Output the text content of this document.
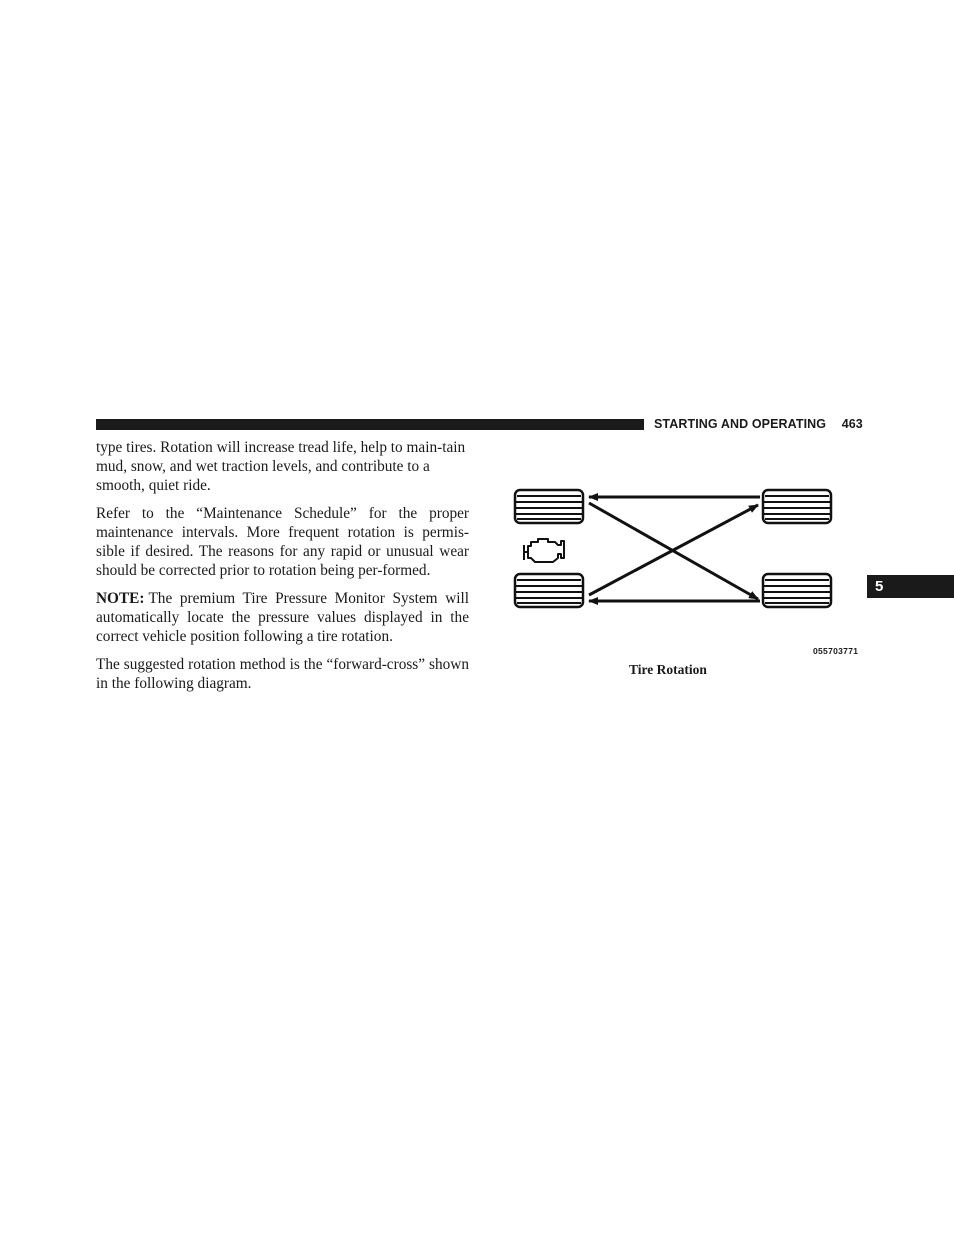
STARTING AND OPERATING 463
5

type tires. Rotation will increase tread life, help to main-tain mud, snow, and wet traction levels, and contribute to a smooth, quiet ride.

Refer to the “Maintenance Schedule” for the proper maintenance intervals. More frequent rotation is permis-sible if desired. The reasons for any rapid or unusual wear should be corrected prior to rotation being per-formed.

NOTE: The premium Tire Pressure Monitor System will automatically locate the pressure values displayed in the correct vehicle position following a tire rotation.

The suggested rotation method is the “forward-cross” shown in the following diagram.

055703771
Tire Rotation
